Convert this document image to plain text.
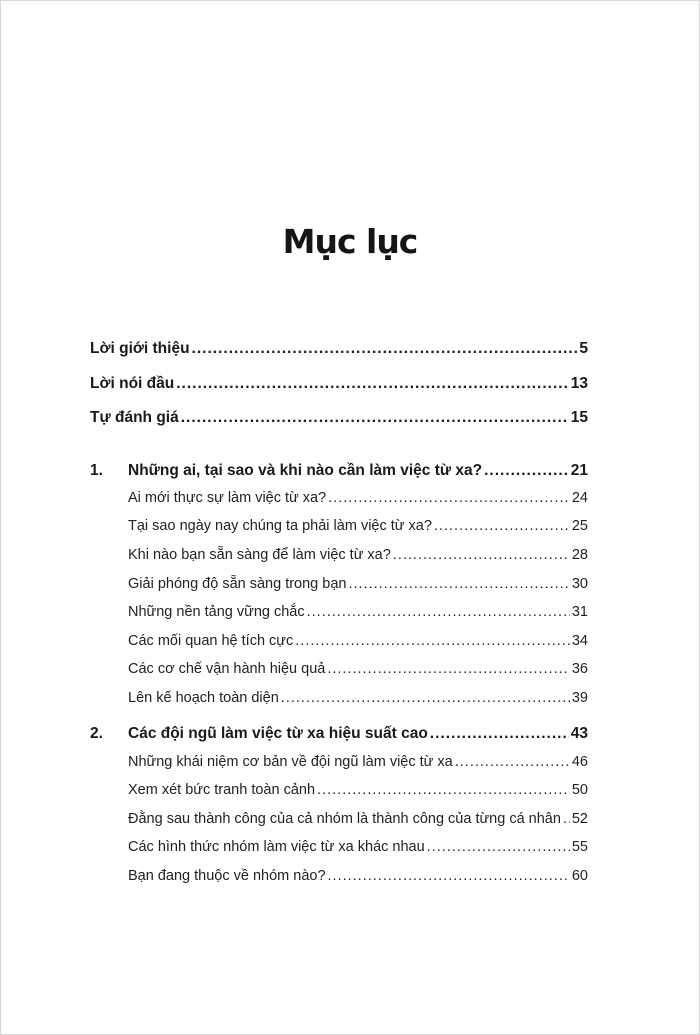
Mục lục
Lời giới thiệu .....	5
Lời nói đầu .....	13
Tự đánh giá .....	15
1.	Những ai, tại sao và khi nào cần làm việc từ xa? .....	21
Ai mới thực sự làm việc từ xa? .....	24
Tại sao ngày nay chúng ta phải làm việc từ xa? .....	25
Khi nào bạn sẵn sàng để làm việc từ xa? .....	28
Giải phóng độ sẵn sàng trong bạn .....	30
Những nền tảng vững chắc .....	31
Các mối quan hệ tích cực .....	34
Các cơ chế vận hành hiệu quả .....	36
Lên kế hoạch toàn diện .....	39
2.	Các đội ngũ làm việc từ xa hiệu suất cao .....	43
Những khái niệm cơ bản về đội ngũ làm việc từ xa .....	46
Xem xét bức tranh toàn cảnh .....	50
Đằng sau thành công của cả nhóm là thành công của từng cá nhân ..... 52
Các hình thức nhóm làm việc từ xa khác nhau .....	55
Bạn đang thuộc về nhóm nào? .....	60
